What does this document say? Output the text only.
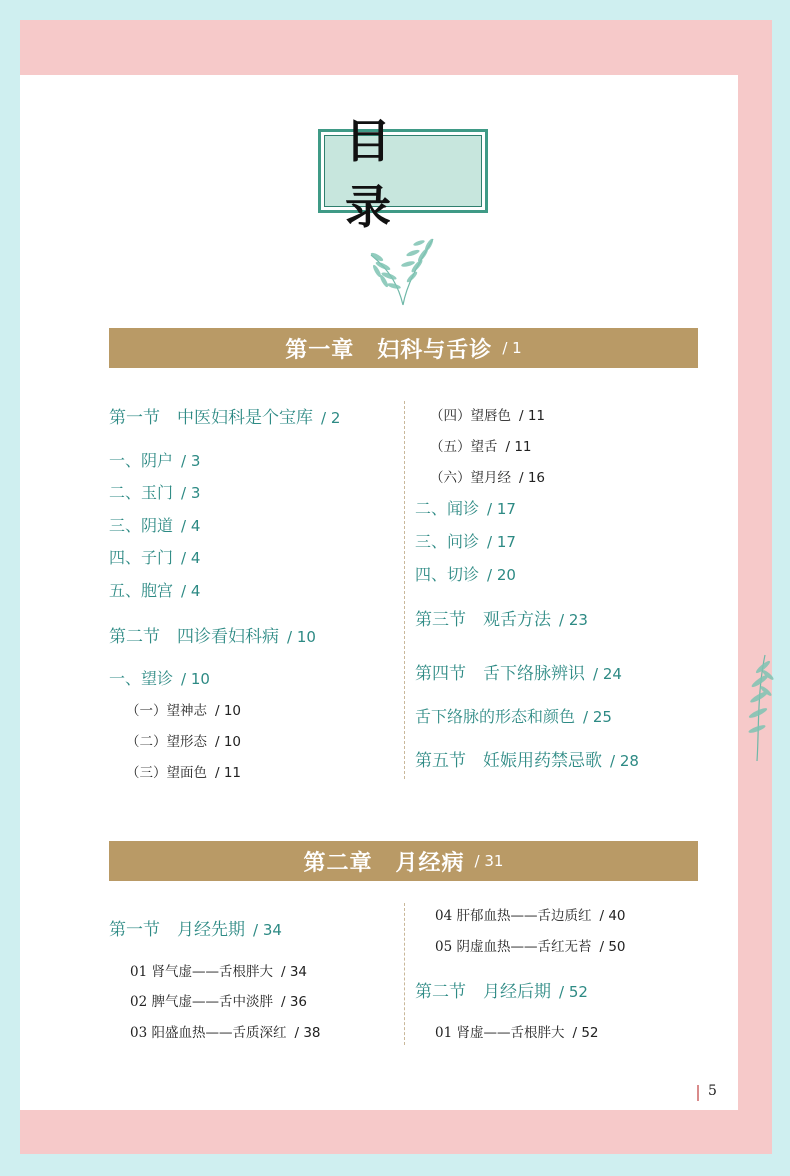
目 录
第一章　妇科与舌诊 / 1
第一节　中医妇科是个宝库 / 2
一、阴户 / 3
二、玉门 / 3
三、阴道 / 4
四、子门 / 4
五、胞宫 / 4
第二节　四诊看妇科病 / 10
一、望诊 / 10
（一）望神志 / 10
（二）望形态 / 10
（三）望面色 / 11
（四）望唇色 / 11
（五）望舌 / 11
（六）望月经 / 16
二、闻诊 / 17
三、问诊 / 17
四、切诊 / 20
第三节　观舌方法 / 23
第四节　舌下络脉辨识 / 24
舌下络脉的形态和颜色 / 25
第五节　妊娠用药禁忌歌 / 28
第二章　月经病 / 31
第一节　月经先期 / 34
01 肾气虚——舌根胖大 / 34
02 脾气虚——舌中淡胖 / 36
03 阳盛血热——舌质深红 / 38
04 肝郁血热——舌边质红 / 40
05 阴虚血热——舌红无苔 / 50
第二节　月经后期 / 52
01 肾虚——舌根胖大 / 52
5
